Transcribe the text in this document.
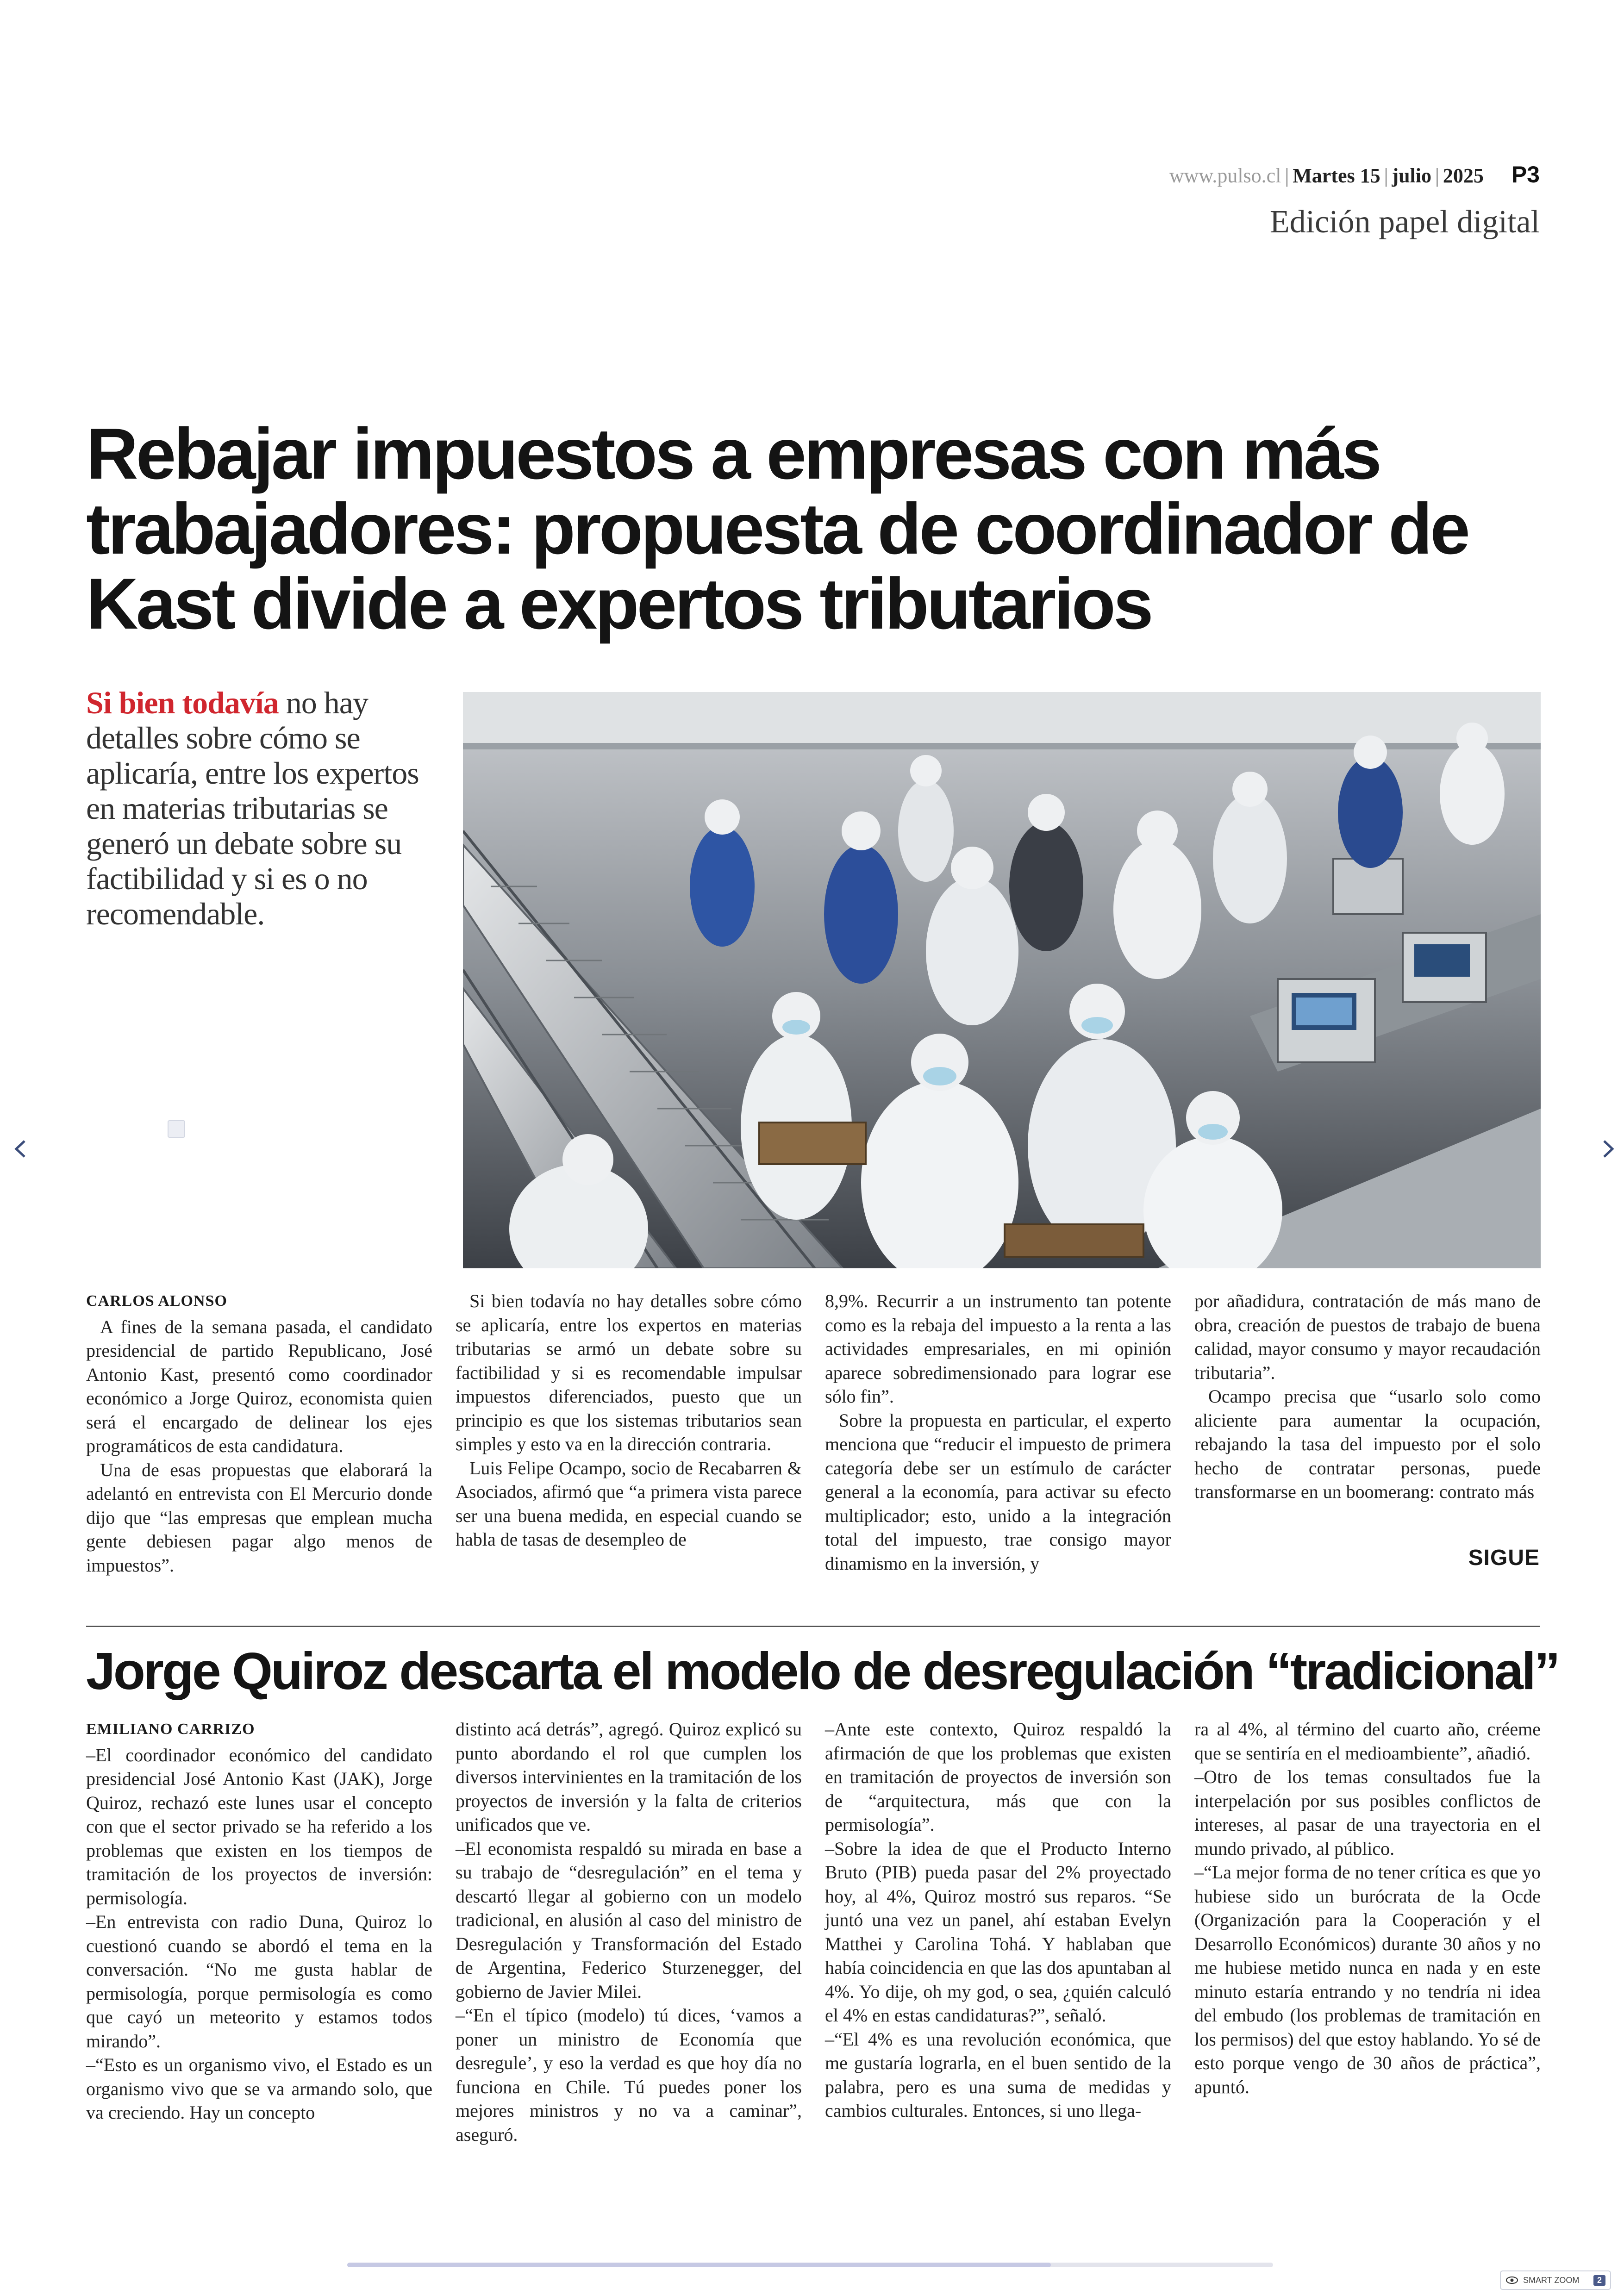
www.pulso.cl | Martes 15 | julio | 2025 P3
Edición papel digital
Rebajar impuestos a empresas con más trabajadores: propuesta de coordinador de Kast divide a expertos tributarios
Si bien todavía no hay detalles sobre cómo se aplicaría, entre los expertos en materias tributarias se generó un debate sobre su factibilidad y si es o no recomendable.
CARLOS ALONSO

A fines de la semana pasada, el candidato presidencial de partido Republicano, José Antonio Kast, presentó como coordinador económico a Jorge Quiroz, economista quien será el encargado de delinear los ejes programáticos de esta candidatura.

Una de esas propuestas que elaborará la adelantó en entrevista con El Mercurio donde dijo que “las empresas que emplean mucha gente debiesen pagar algo menos de impuestos”.

Si bien todavía no hay detalles sobre cómo se aplicaría, entre los expertos en materias tributarias se armó un debate sobre su factibilidad y si es recomendable impulsar impuestos diferenciados, puesto que un principio es que los sistemas tributarios sean simples y esto va en la dirección contraria.

Luis Felipe Ocampo, socio de Recabarren & Asociados, afirmó que “a primera vista parece ser una buena medida, en especial cuando se habla de tasas de desempleo de

8,9%. Recurrir a un instrumento tan potente como es la rebaja del impuesto a la renta a las actividades empresariales, en mi opinión aparece sobredimensionado para lograr ese sólo fin”.

Sobre la propuesta en particular, el experto menciona que “reducir el impuesto de primera categoría debe ser un estímulo de carácter general a la economía, para activar su efecto multiplicador; esto, unido a la integración total del impuesto, trae consigo mayor dinamismo en la inversión, y

por añadidura, contratación de más mano de obra, creación de puestos de trabajo de buena calidad, mayor consumo y mayor recaudación tributaria”.

Ocampo precisa que “usarlo solo como aliciente para aumentar la ocupación, rebajando la tasa del impuesto por el solo hecho de contratar personas, puede transformarse en un boomerang: contrato más

SIGUE
Jorge Quiroz descarta el modelo de desregulación “tradicional”
EMILIANO CARRIZO

–El coordinador económico del candidato presidencial José Antonio Kast (JAK), Jorge Quiroz, rechazó este lunes usar el concepto con que el sector privado se ha referido a los problemas que existen en los tiempos de tramitación de los proyectos de inversión: permisología.

–En entrevista con radio Duna, Quiroz lo cuestionó cuando se abordó el tema en la conversación. “No me gusta hablar de permisología, porque permisología es como que cayó un meteorito y estamos todos mirando”.

–“Esto es un organismo vivo, el Estado es un organismo vivo que se va armando solo, que va creciendo. Hay un concepto

distinto acá detrás”, agregó. Quiroz explicó su punto abordando el rol que cumplen los diversos intervinientes en la tramitación de los proyectos de inversión y la falta de criterios unificados que ve.

–El economista respaldó su mirada en base a su trabajo de “desregulación” en el tema y descartó llegar al gobierno con un modelo tradicional, en alusión al caso del ministro de Desregulación y Transformación del Estado de Argentina, Federico Sturzenegger, del gobierno de Javier Milei.

–“En el típico (modelo) tú dices, ‘vamos a poner un ministro de Economía que desregule’, y eso la verdad es que hoy día no funciona en Chile. Tú puedes poner los mejores ministros y no va a caminar”, aseguró.

–Ante este contexto, Quiroz respaldó la afirmación de que los problemas que existen en tramitación de proyectos de inversión son de “arquitectura, más que con la permisología”.

–Sobre la idea de que el Producto Interno Bruto (PIB) pueda pasar del 2% proyectado hoy, al 4%, Quiroz mostró sus reparos. “Se juntó una vez un panel, ahí estaban Evelyn Matthei y Carolina Tohá. Y hablaban que había coincidencia en que las dos apuntaban al 4%. Yo dije, oh my god, o sea, ¿quién calculó el 4% en estas candidaturas?”, señaló.

–“El 4% es una revolución económica, que me gustaría lograrla, en el buen sentido de la palabra, pero es una suma de medidas y cambios culturales. Entonces, si uno llega-

ra al 4%, al término del cuarto año, créeme que se sentiría en el medioambiente”, añadió.

–Otro de los temas consultados fue la interpelación por sus posibles conflictos de intereses, al pasar de una trayectoria en el mundo privado, al público.

–“La mejor forma de no tener crítica es que yo hubiese sido un burócrata de la Ocde (Organización para la Cooperación y el Desarrollo Económicos) durante 30 años y no me hubiese metido nunca en nada y en este minuto estaría entrando y no tendría ni idea del embudo (los problemas de tramitación en los permisos) del que estoy hablando. Yo sé de esto porque vengo de 30 años de práctica”, apuntó.

SMART ZOOM	2
